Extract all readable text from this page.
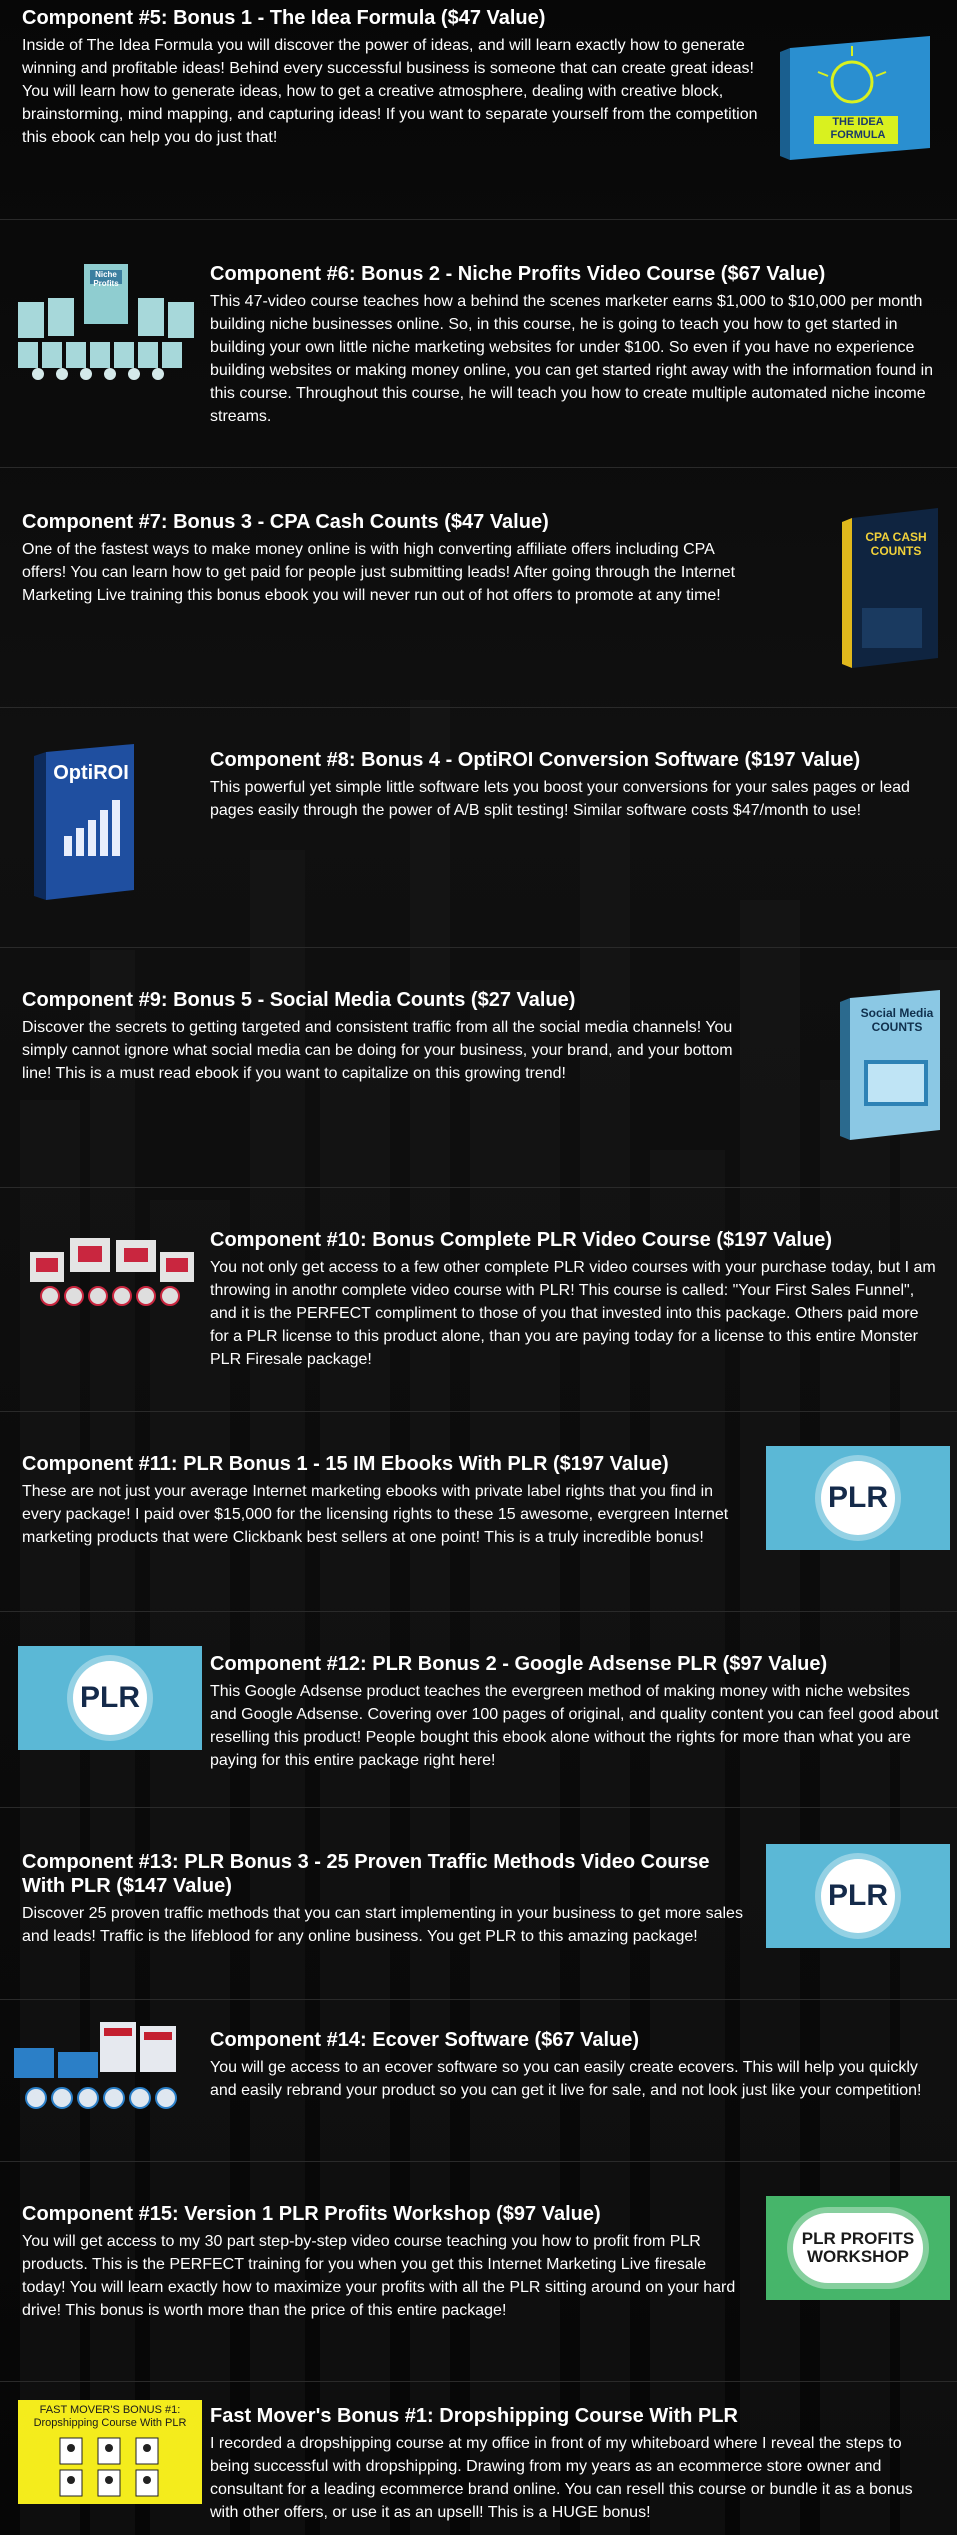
Component #5: Bonus 1 - The Idea Formula ($47 Value)

Inside of The Idea Formula you will discover the power of ideas, and will learn exactly how to generate winning and profitable ideas! Behind every successful business is someone that can create great ideas! You will learn how to generate ideas, how to get a creative atmosphere, dealing with creative block, brainstorming, mind mapping, and capturing ideas! If you want to separate yourself from the competition this ebook can help you do just that!

THE IDEA FORMULA
Niche Profits	Component #6: Bonus 2 - Niche Profits Video Course ($67 Value)

This 47-video course teaches how a behind the scenes marketer earns $1,000 to $10,000 per month building niche businesses online. So, in this course, he is going to teach you how to get started in building your own little niche marketing websites for under $100. So even if you have no experience building websites or making money online, you can get started right away with the information found in this course. Throughout this course, he will teach you how to create multiple automated niche income streams.

Component #7: Bonus 3 - CPA Cash Counts ($47 Value)

One of the fastest ways to make money online is with high converting affiliate offers including CPA offers! You can learn how to get paid for people just submitting leads! After going through the Internet Marketing Live training this bonus ebook you will never run out of hot offers to promote at any time!

CPA CASH COUNTS
OptiROI
Component #8: Bonus 4 - OptiROI Conversion Software ($197 Value)

This powerful yet simple little software lets you boost your conversions for your sales pages or lead pages easily through the power of A/B split testing! Similar software costs $47/month to use!

Component #9: Bonus 5 - Social Media Counts ($27 Value)

Discover the secrets to getting targeted and consistent traffic from all the social media channels! You simply cannot ignore what social media can be doing for your business, your brand, and your bottom line! This is a must read ebook if you want to capitalize on this growing trend!

Social Media COUNTS
Component #10: Bonus Complete PLR Video Course ($197 Value)

You not only get access to a few other complete PLR video courses with your purchase today, but I am throwing in anothr complete video course with PLR! This course is called: "Your First Sales Funnel", and it is the PERFECT compliment to those of you that invested into this package. Others paid more for a PLR license to this product alone, than you are paying today for a license to this entire Monster PLR Firesale package!

Component #11: PLR Bonus 1 - 15 IM Ebooks With PLR ($197 Value)

These are not just your average Internet marketing ebooks with private label rights that you find in every package! I paid over $15,000 for the licensing rights to these 15 awesome, evergreen Internet marketing products that were Clickbank best sellers at one point! This is a truly incredible bonus!

PLR
PLR
Component #12: PLR Bonus 2 - Google Adsense PLR ($97 Value)

This Google Adsense product teaches the evergreen method of making money with niche websites and Google Adsense. Covering over 100 pages of original, and quality content you can feel good about reselling this product! People bought this ebook alone without the rights for more than what you are paying for this entire package right here!

Component #13: PLR Bonus 3 - 25 Proven Traffic Methods Video Course With PLR ($147 Value)

Discover 25 proven traffic methods that you can start implementing in your business to get more sales and leads! Traffic is the lifeblood for any online business. You get PLR to this amazing package!

PLR
Component #14: Ecover Software ($67 Value)

You will ge access to an ecover software so you can easily create ecovers. This will help you quickly and easily rebrand your product so you can get it live for sale, and not look just like your competition!

Component #15: Version 1 PLR Profits Workshop ($97 Value)

You will get access to my 30 part step-by-step video course teaching you how to profit from PLR products. This is the PERFECT training for you when you get this Internet Marketing Live firesale today! You will learn exactly how to maximize your profits with all the PLR sitting around on your hard drive! This bonus is worth more than the price of this entire package!

PLR PROFITS WORKSHOP
FAST MOVER'S BONUS #1: Dropshipping Course With PLR	Fast Mover's Bonus #1: Dropshipping Course With PLR

I recorded a dropshipping course at my office in front of my whiteboard where I reveal the steps to being successful with dropshipping. Drawing from my years as an ecommerce store owner and consultant for a leading ecommerce brand online. You can resell this course or bundle it as a bonus with other offers, or use it as an upsell! This is a HUGE bonus!
